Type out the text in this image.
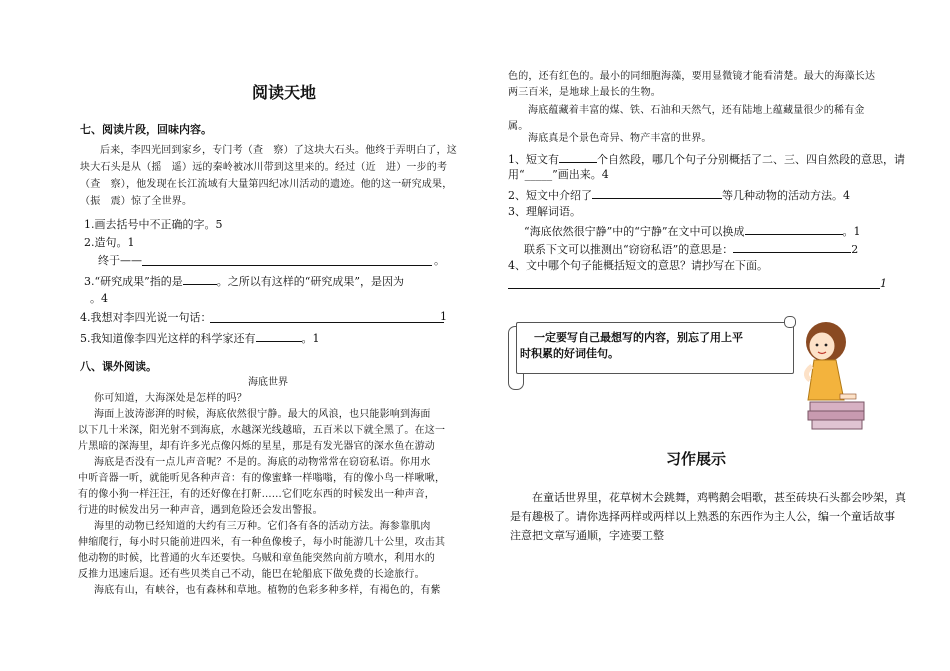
阅读天地
七、阅读片段，回味内容。
后来，李四光回到家乡，专门考（查　察）了这块大石头。他终于弄明白了，这
块大石头是从（摇　遥）远的秦岭被冰川带到这里来的。经过（近　进）一步的考
（查　察），他发现在长江流域有大量第四纪冰川活动的遗迹。他的这一研究成果，
（振　震）惊了全世界。
1.画去括号中不正确的字。5
2.造句。1
终于——	。
3.“研究成果”指的是	。之所以有这样的“研究成果”，是因为
。4
4.我想对李四光说一句话：	1
5.我知道像李四光这样的科学家还有	。1
八、课外阅读。
海底世界
你可知道，大海深处是怎样的吗？
海面上波涛澎湃的时候，海底依然很宁静。最大的风浪，也只能影响到海面
以下几十米深，阳光射不到海底，水越深光线越暗，五百米以下就全黑了。在这一
片黑暗的深海里，却有许多光点像闪烁的星星，那是有发光器官的深水鱼在游动
海底是否没有一点儿声音呢？不是的。海底的动物常常在窃窃私语。你用水
中听音器一听，就能听见各种声音：有的像蜜蜂一样嗡嗡，有的像小鸟一样啾啾，
有的像小狗一样汪汪，有的还好像在打鼾……它们吃东西的时候发出一种声音，
行进的时候发出另一种声音，遇到危险还会发出警报。
海里的动物已经知道的大约有三万种。它们各有各的活动方法。海参靠肌肉
伸缩爬行，每小时只能前进四米，有一种鱼像梭子，每小时能游几十公里，攻击其
他动物的时候，比普通的火车还要快。乌贼和章鱼能突然向前方喷水，利用水的
反推力迅速后退。还有些贝类自己不动，能巴在轮船底下做免费的长途旅行。
海底有山，有峡谷，也有森林和草地。植物的色彩多种多样，有褐色的，有紫
色的，还有红色的。最小的同细胞海藻，要用显微镜才能看清楚。最大的海藻长达
两三百米，是地球上最长的生物。
海底蕴藏着丰富的煤、铁、石油和天然气，还有陆地上蕴藏量很少的稀有金
属。
海底真是个景色奇异、物产丰富的世界。
1、短文有	个自然段，哪几个句子分别概括了二、三、四自然段的意思，请
用“_____”画出来。4
2、短文中介绍了	等几种动物的活动方法。4
3、理解词语。
“海底依然很宁静”中的“宁静”在文中可以换成	。1
联系下文可以推测出“窃窃私语”的意思是：	2
4、文中哪个句子能概括短文的意思？请抄写在下面。
1
习作展示
在童话世界里，花草树木会跳舞，鸡鸭鹅会唱歌，甚至砖块石头都会吵架，真
是有趣极了。请你选择两样或两样以上熟悉的东西作为主人公，编一个童话故事
注意把文章写通顺，字迹要工整
一定要写自己最想写的内容，别忘了用上平
时积累的好词佳句。
